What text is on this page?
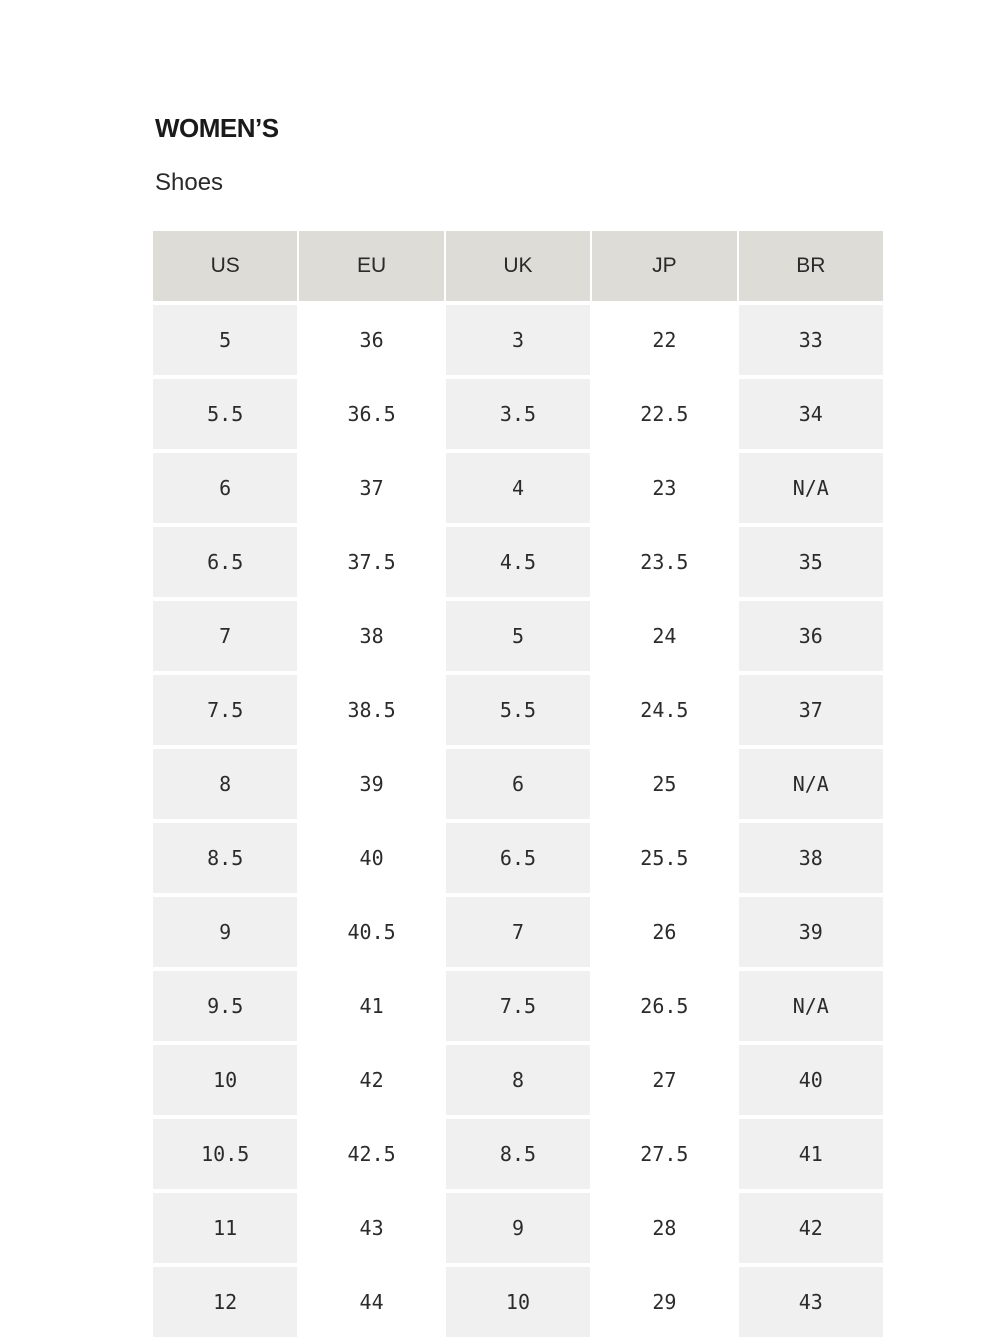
WOMEN’S

Shoes

US	EU	UK	JP	BR
5	36	3	22	33
5.5	36.5	3.5	22.5	34
6	37	4	23	N/A
6.5	37.5	4.5	23.5	35
7	38	5	24	36
7.5	38.5	5.5	24.5	37
8	39	6	25	N/A
8.5	40	6.5	25.5	38
9	40.5	7	26	39
9.5	41	7.5	26.5	N/A
10	42	8	27	40
10.5	42.5	8.5	27.5	41
11	43	9	28	42
12	44	10	29	43
